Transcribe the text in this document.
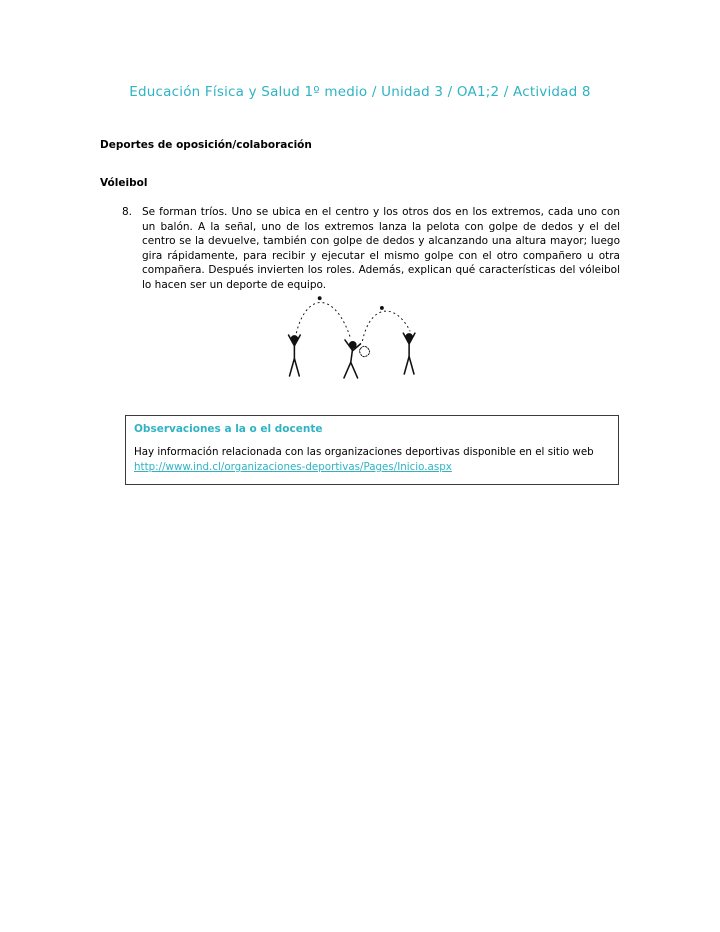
Educación Física y Salud 1º medio / Unidad 3 / OA1;2 / Actividad 8

Deportes de oposición/colaboración

Vóleibol

8. Se forman tríos. Uno se ubica en el centro y los otros dos en los extremos, cada uno con un balón. A la señal, uno de los extremos lanza la pelota con golpe de dedos y el del centro se la devuelve, también con golpe de dedos y alcanzando una altura mayor; luego gira rápidamente, para recibir y ejecutar el mismo golpe con el otro compañero u otra compañera. Después invierten los roles. Además, explican qué características del vóleibol lo hacen ser un deporte de equipo.

Observaciones a la o el docente

Hay información relacionada con las organizaciones deportivas disponible en el sitio web
http://www.ind.cl/organizaciones-deportivas/Pages/Inicio.aspx
